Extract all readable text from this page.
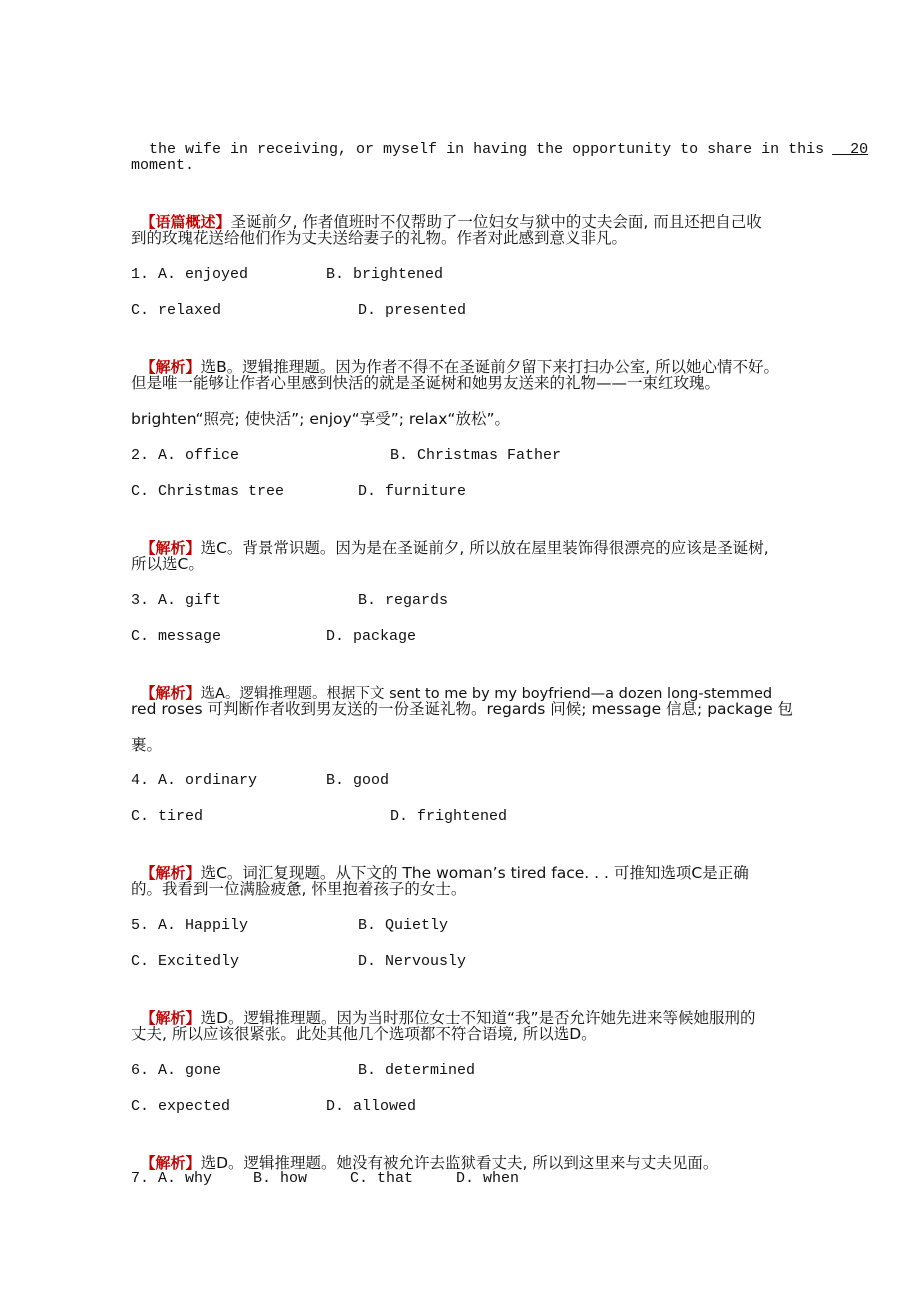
the wife in receiving, or myself in having the opportunity to share in this  20

moment.

【语篇概述】圣诞前夕, 作者值班时不仅帮助了一位妇女与狱中的丈夫会面, 而且还把自己收

到的玫瑰花送给他们作为丈夫送给妻子的礼物。作者对此感到意义非凡。
1. A. enjoyed	B. brightened
C. relaxed	D. presented

【解析】选B。逻辑推理题。因为作者不得不在圣诞前夕留下来打扫办公室, 所以她心情不好。

但是唯一能够让作者心里感到快活的就是圣诞树和她男友送来的礼物——一束红玫瑰。
brighten“照亮; 使快活”; enjoy“享受”; relax“放松”。
2. A. office	B. Christmas Father
C. Christmas tree	D. furniture

【解析】选C。背景常识题。因为是在圣诞前夕, 所以放在屋里装饰得很漂亮的应该是圣诞树,

所以选C。
3. A. gift	B. regards
C. message	D. package

【解析】选A。逻辑推理题。根据下文 sent to me by my boyfriend—a dozen long-stemmed

red roses 可判断作者收到男友送的一份圣诞礼物。regards 问候; message 信息; package 包
裹。
4. A. ordinary	B. good
C. tired	D. frightened

【解析】选C。词汇复现题。从下文的 The woman’s tired face. . . 可推知选项C是正确

的。我看到一位满脸疲惫, 怀里抱着孩子的女士。
5. A. Happily	B. Quietly
C. Excitedly	D. Nervously

【解析】选D。逻辑推理题。因为当时那位女士不知道“我”是否允许她先进来等候她服刑的

丈夫, 所以应该很紧张。此处其他几个选项都不符合语境, 所以选D。
6. A. gone	B. determined
C. expected	D. allowed

【解析】选D。逻辑推理题。她没有被允许去监狱看丈夫, 所以到这里来与丈夫见面。

7. A. why	B. how	C. that	D. when
